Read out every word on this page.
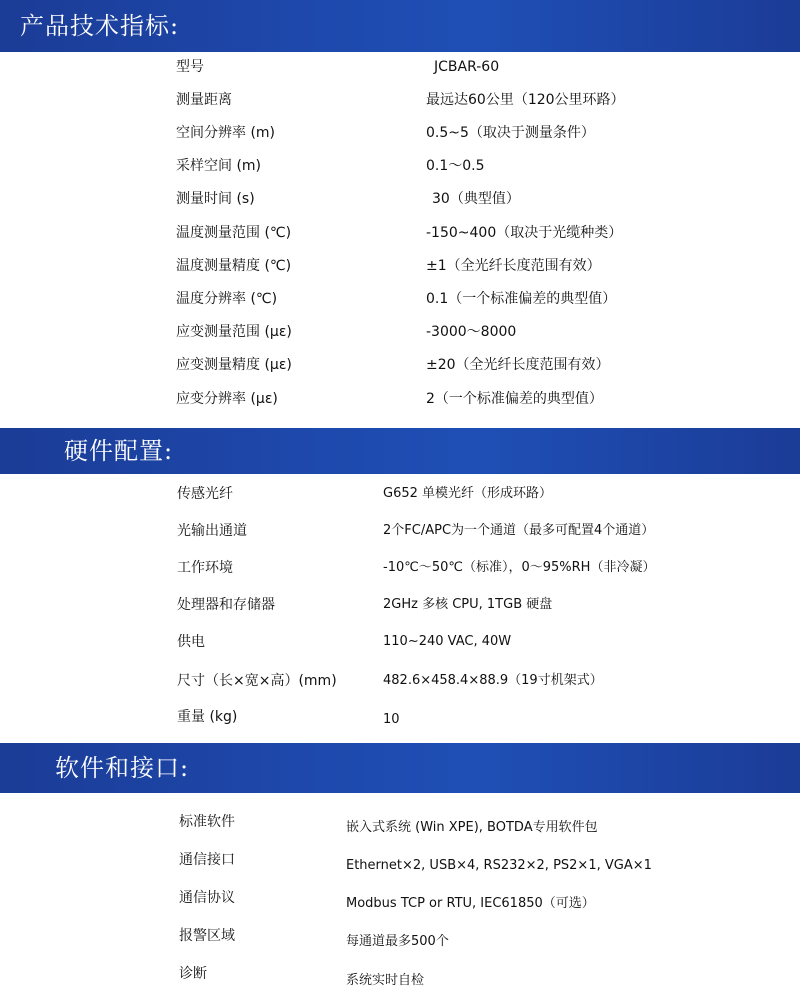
产品技术指标:
型号	JCBAR-60
测量距离	最远达60公里（120公里环路）
空间分辨率 (m)	0.5~5（取决于测量条件）
采样空间 (m)	0.1～0.5
测量时间 (s)	30（典型值）
温度测量范围 (℃)	-150~400（取决于光缆种类）
温度测量精度 (℃)	±1（全光纤长度范围有效）
温度分辨率 (℃)	0.1（一个标准偏差的典型值）
应变测量范围 (με)	-3000～8000
应变测量精度 (με)	±20（全光纤长度范围有效）
应变分辨率 (με)	2（一个标准偏差的典型值）
硬件配置:
传感光纤	G652 单模光纤（形成环路）
光输出通道	2个FC/APC为一个通道（最多可配置4个通道）
工作环境	-10℃～50℃（标准），0～95%RH（非冷凝）
处理器和存储器	2GHz 多核 CPU, 1TGB 硬盘
供电	110~240 VAC, 40W
尺寸（长×宽×高）(mm)	482.6×458.4×88.9（19寸机架式）
重量 (kg)	10
软件和接口:
标准软件	嵌入式系统 (Win XPE), BOTDA专用软件包
通信接口	Ethernet×2, USB×4, RS232×2, PS2×1, VGA×1
通信协议	Modbus TCP or RTU, IEC61850（可选）
报警区域	每通道最多500个
诊断	系统实时自检
